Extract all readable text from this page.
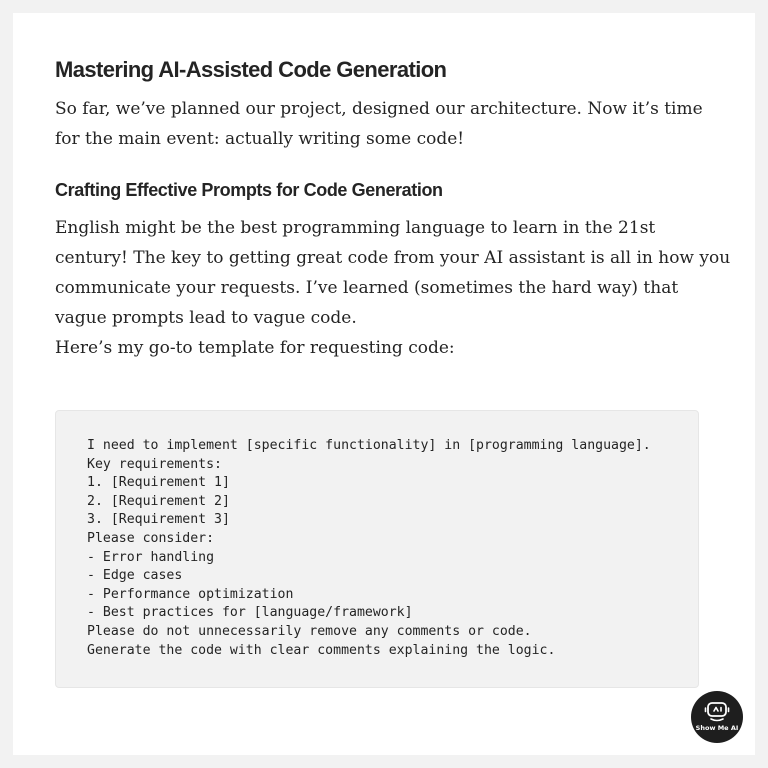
Mastering AI-Assisted Code Generation

So far, we’ve planned our project, designed our architecture. Now it’s time
for the main event: actually writing some code!

Crafting Effective Prompts for Code Generation

English might be the best programming language to learn in the 21st
century! The key to getting great code from your AI assistant is all in how you
communicate your requests. I’ve learned (sometimes the hard way) that
vague prompts lead to vague code.
Here’s my go-to template for requesting code:

I need to implement [specific functionality] in [programming language].
Key requirements:
1. [Requirement 1]
2. [Requirement 2]
3. [Requirement 3]
Please consider:
- Error handling
- Edge cases
- Performance optimization
- Best practices for [language/framework]
Please do not unnecessarily remove any comments or code.
Generate the code with clear comments explaining the logic.
Show Me AI
